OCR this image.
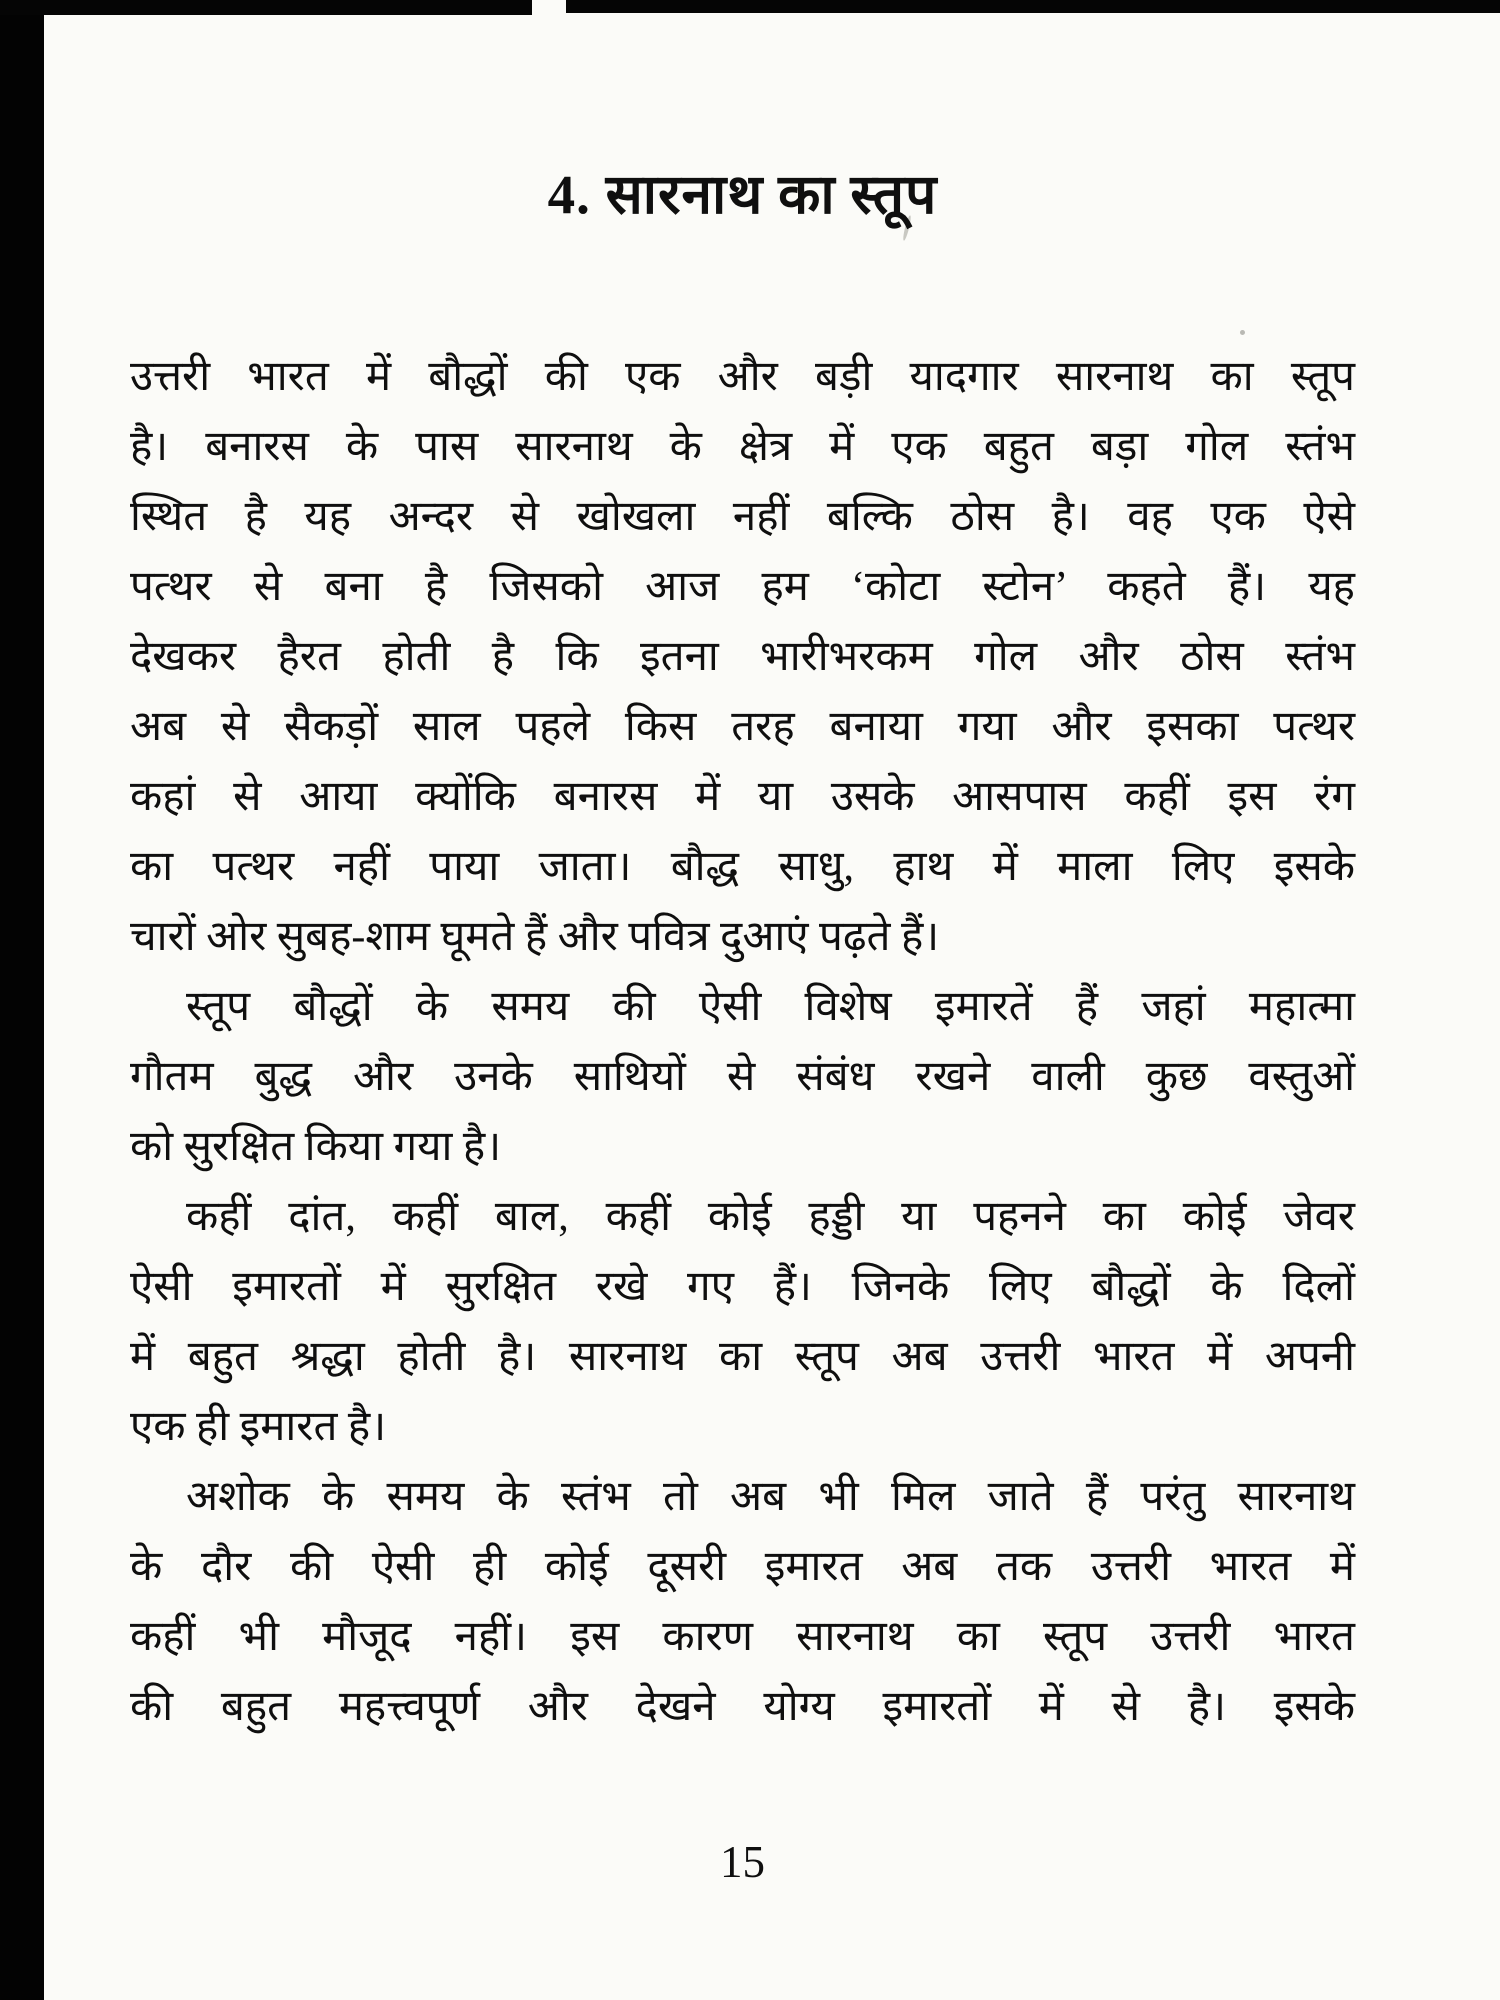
4. सारनाथ का स्तूप
उत्तरी भारत में बौद्धों की एक और बड़ी यादगार सारनाथ का स्तूप
है। बनारस के पास सारनाथ के क्षेत्र में एक बहुत बड़ा गोल स्तंभ
स्थित है यह अन्दर से खोखला नहीं बल्कि ठोस है। वह एक ऐसे
पत्थर से बना है जिसको आज हम ‘कोटा स्टोन’ कहते हैं। यह
देखकर हैरत होती है कि इतना भारीभरकम गोल और ठोस स्तंभ
अब से सैकड़ों साल पहले किस तरह बनाया गया और इसका पत्थर
कहां से आया क्योंकि बनारस में या उसके आसपास कहीं इस रंग
का पत्थर नहीं पाया जाता। बौद्ध साधु, हाथ में माला लिए इसके
चारों ओर सुबह-शाम घूमते हैं और पवित्र दुआएं पढ़ते हैं।
स्तूप बौद्धों के समय की ऐसी विशेष इमारतें हैं जहां महात्मा
गौतम बुद्ध और उनके साथियों से संबंध रखने वाली कुछ वस्तुओं
को सुरक्षित किया गया है।
कहीं दांत, कहीं बाल, कहीं कोई हड्डी या पहनने का कोई जेवर
ऐसी इमारतों में सुरक्षित रखे गए हैं। जिनके लिए बौद्धों के दिलों
में बहुत श्रद्धा होती है। सारनाथ का स्तूप अब उत्तरी भारत में अपनी
एक ही इमारत है।
अशोक के समय के स्तंभ तो अब भी मिल जाते हैं परंतु सारनाथ
के दौर की ऐसी ही कोई दूसरी इमारत अब तक उत्तरी भारत में
कहीं भी मौजूद नहीं। इस कारण सारनाथ का स्तूप उत्तरी भारत
की बहुत महत्त्वपूर्ण और देखने योग्य इमारतों में से है। इसके
15
